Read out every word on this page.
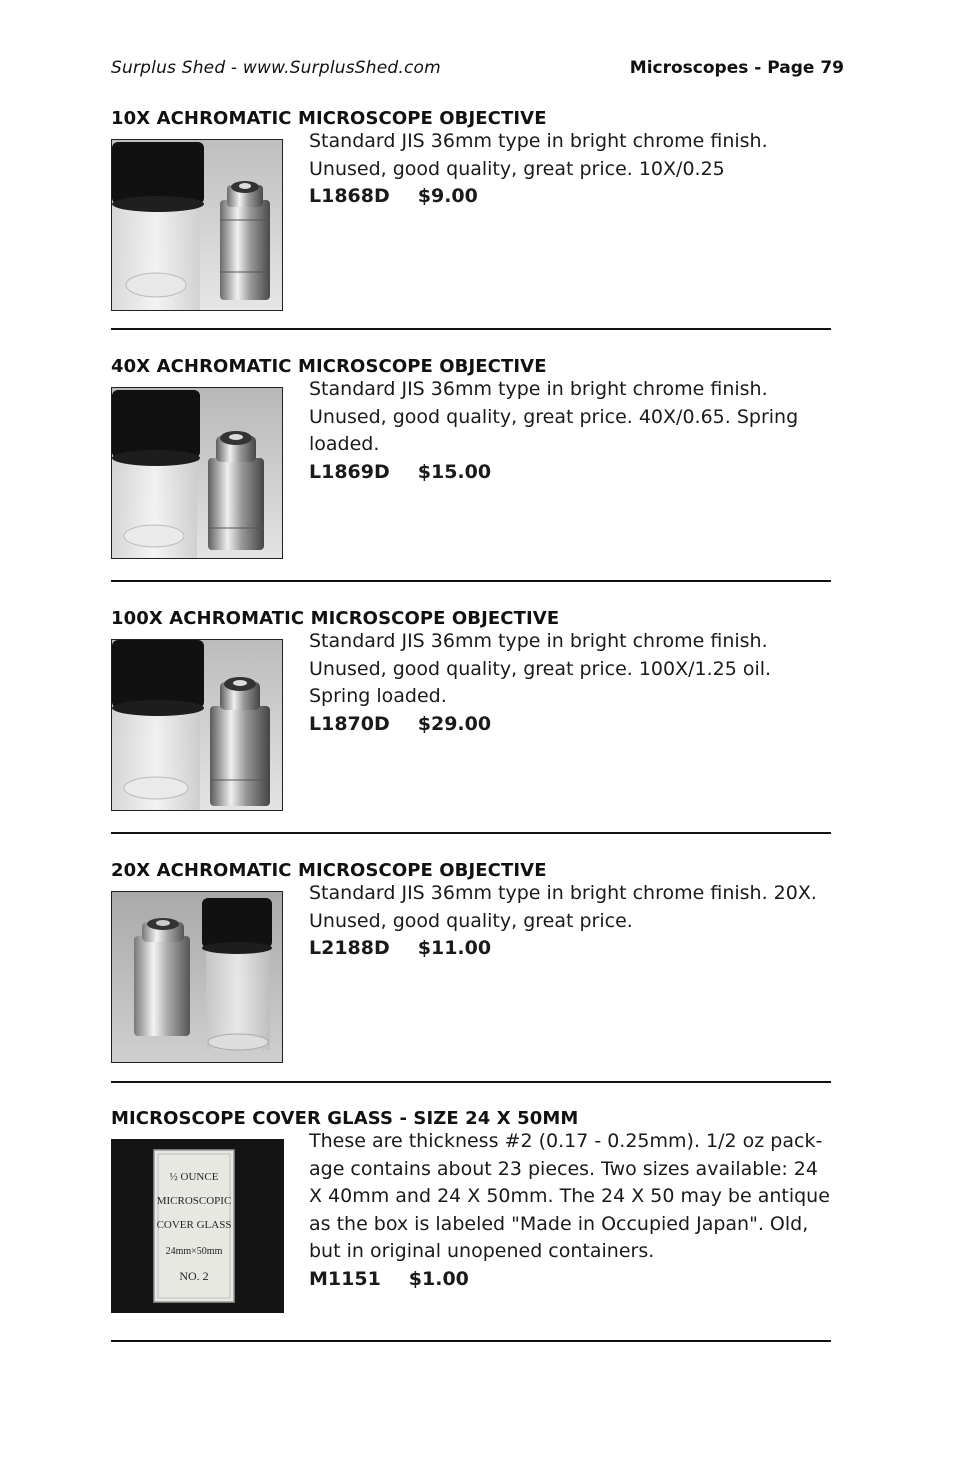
Surplus Shed - www.SurplusShed.com	Microscopes - Page 79
10X ACHROMATIC MICROSCOPE OBJECTIVE
Standard JIS 36mm type in bright chrome finish.
Unused, good quality, great price. 10X/0.25
L1868D $9.00
40X ACHROMATIC MICROSCOPE OBJECTIVE
Standard JIS 36mm type in bright chrome finish.
Unused, good quality, great price. 40X/0.65. Spring
loaded.
L1869D $15.00
100X ACHROMATIC MICROSCOPE OBJECTIVE
Standard JIS 36mm type in bright chrome finish.
Unused, good quality, great price. 100X/1.25 oil.
Spring loaded.
L1870D $29.00
20X ACHROMATIC MICROSCOPE OBJECTIVE
Standard JIS 36mm type in bright chrome finish. 20X.
Unused, good quality, great price.
L2188D $11.00
MICROSCOPE COVER GLASS - SIZE 24 X 50MM
½ OUNCE
MICROSCOPIC
COVER GLASS
24mm×50mm
NO. 2
These are thickness #2 (0.17 - 0.25mm). 1/2 oz pack-
age contains about 23 pieces. Two sizes available: 24
X 40mm and 24 X 50mm. The 24 X 50 may be antique
as the box is labeled "Made in Occupied Japan". Old,
but in original unopened containers.
M1151 $1.00
